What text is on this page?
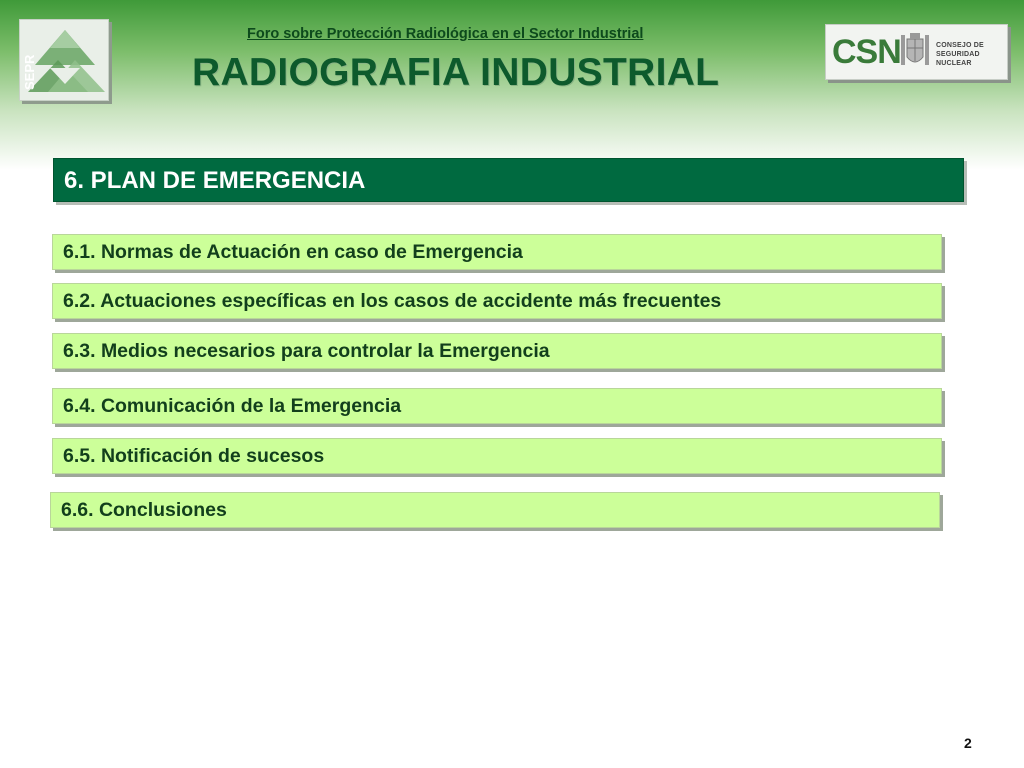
SEPR
CSN	CONSEJO DE SEGURIDAD NUCLEAR
Foro sobre Protección Radiológica en el Sector Industrial
RADIOGRAFIA INDUSTRIAL
6. PLAN DE EMERGENCIA
6.1. Normas de Actuación en caso de Emergencia
6.2. Actuaciones específicas en los casos de accidente más frecuentes
6.3. Medios necesarios para controlar la Emergencia
6.4. Comunicación de la Emergencia
6.5. Notificación de sucesos
6.6. Conclusiones
2
